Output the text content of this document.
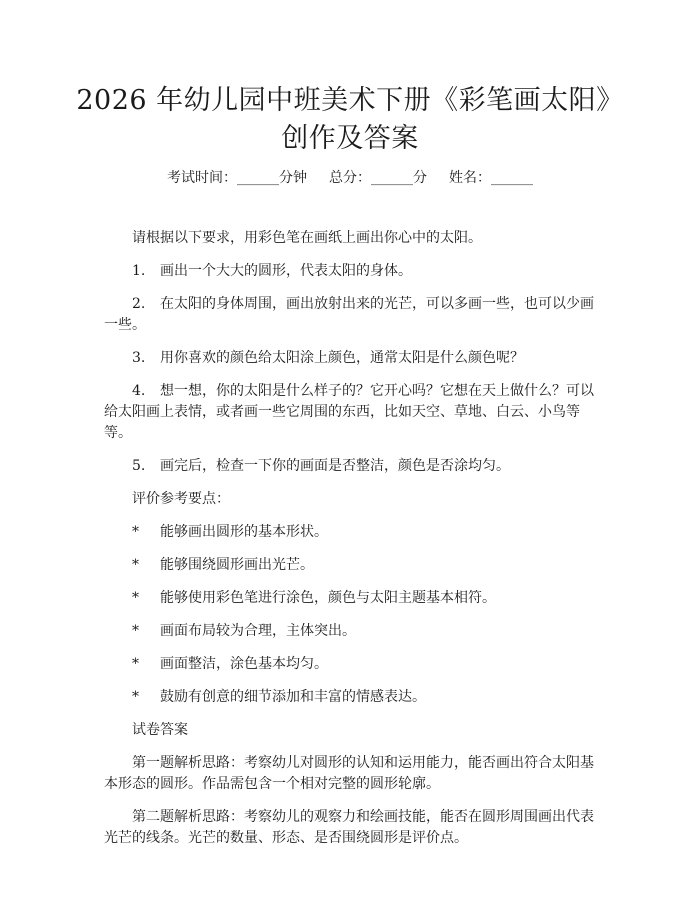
2026 年幼儿园中班美术下册《彩笔画太阳》
创作及答案
考试时间：______分钟 总分：______分 姓名：______

请根据以下要求，用彩色笔在画纸上画出你心中的太阳。

1. 画出一个大大的圆形，代表太阳的身体。

2. 在太阳的身体周围，画出放射出来的光芒，可以多画一些，也可以少画一些。

3. 用你喜欢的颜色给太阳涂上颜色，通常太阳是什么颜色呢？

4. 想一想，你的太阳是什么样子的？它开心吗？它想在天上做什么？可以给太阳画上表情，或者画一些它周围的东西，比如天空、草地、白云、小鸟等等。

5. 画完后，检查一下你的画面是否整洁，颜色是否涂均匀。

评价参考要点：

* 能够画出圆形的基本形状。

* 能够围绕圆形画出光芒。

* 能够使用彩色笔进行涂色，颜色与太阳主题基本相符。

* 画面布局较为合理，主体突出。

* 画面整洁，涂色基本均匀。

* 鼓励有创意的细节添加和丰富的情感表达。

试卷答案

第一题解析思路：考察幼儿对圆形的认知和运用能力，能否画出符合太阳基本形态的圆形。作品需包含一个相对完整的圆形轮廓。

第二题解析思路：考察幼儿的观察力和绘画技能，能否在圆形周围画出代表光芒的线条。光芒的数量、形态、是否围绕圆形是评价点。
